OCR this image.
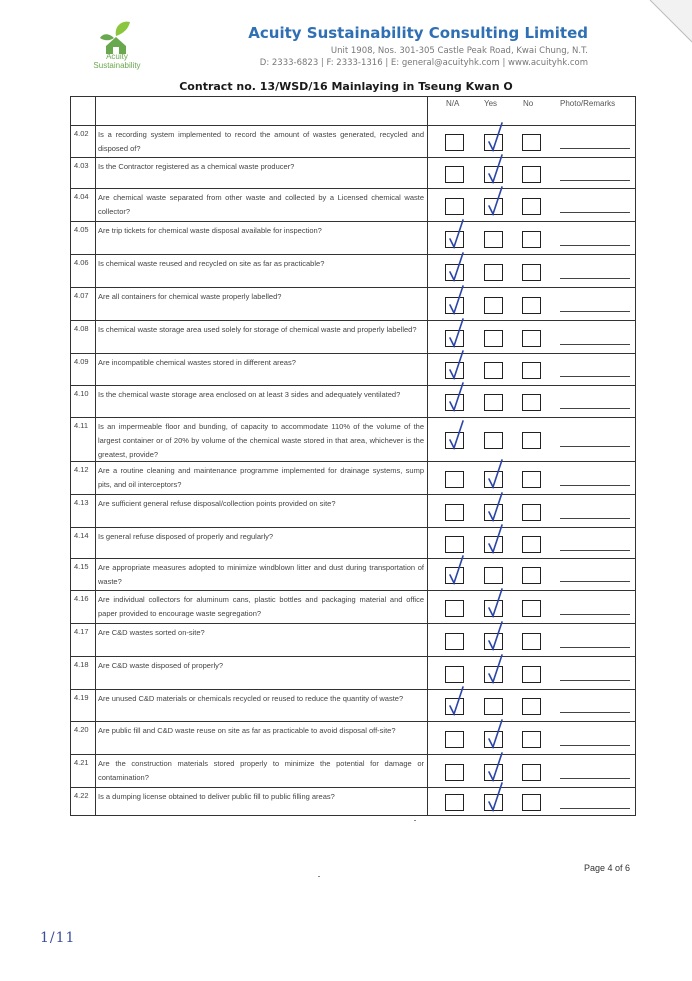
Acuity Sustainability
Acuity Sustainability Consulting Limited
Unit 1908, Nos. 301-305 Castle Peak Road, Kwai Chung, N.T.
D: 2333-6823 | F: 2333-1316 | E: general@acuityhk.com | www.acuityhk.com
Contract no. 13/WSD/16 Mainlaying in Tseung Kwan O
N/A	Yes	No	Photo/Remarks
4.02 Is a recording system implemented to record the amount of wastes generated, recycled and disposed of?
4.03 Is the Contractor registered as a chemical waste producer?
4.04 Are chemical waste separated from other waste and collected by a Licensed chemical waste collector?
4.05 Are trip tickets for chemical waste disposal available for inspection?
4.06 Is chemical waste reused and recycled on site as far as practicable?
4.07 Are all containers for chemical waste properly labelled?
4.08 Is chemical waste storage area used solely for storage of chemical waste and properly labelled?
4.09 Are incompatible chemical wastes stored in different areas?
4.10 Is the chemical waste storage area enclosed on at least 3 sides and adequately ventilated?
4.11 Is an impermeable floor and bunding, of capacity to accommodate 110% of the volume of the largest container or of 20% by volume of the chemical waste stored in that area, whichever is the greatest, provide?
4.12 Are a routine cleaning and maintenance programme implemented for drainage systems, sump pits, and oil interceptors?
4.13 Are sufficient general refuse disposal/collection points provided on site?
4.14 Is general refuse disposed of properly and regularly?
4.15 Are appropriate measures adopted to minimize windblown litter and dust during transportation of waste?
4.16 Are individual collectors for aluminum cans, plastic bottles and packaging material and office paper provided to encourage waste segregation?
4.17 Are C&D wastes sorted on-site?
4.18 Are C&D waste disposed of properly?
4.19 Are unused C&D materials or chemicals recycled or reused to reduce the quantity of waste?
4.20 Are public fill and C&D waste reuse on site as far as practicable to avoid disposal off-site?
4.21 Are the construction materials stored properly to minimize the potential for damage or contamination?
4.22 Is a dumping license obtained to deliver public fill to public filling areas?
Page 4 of 6
1/11
